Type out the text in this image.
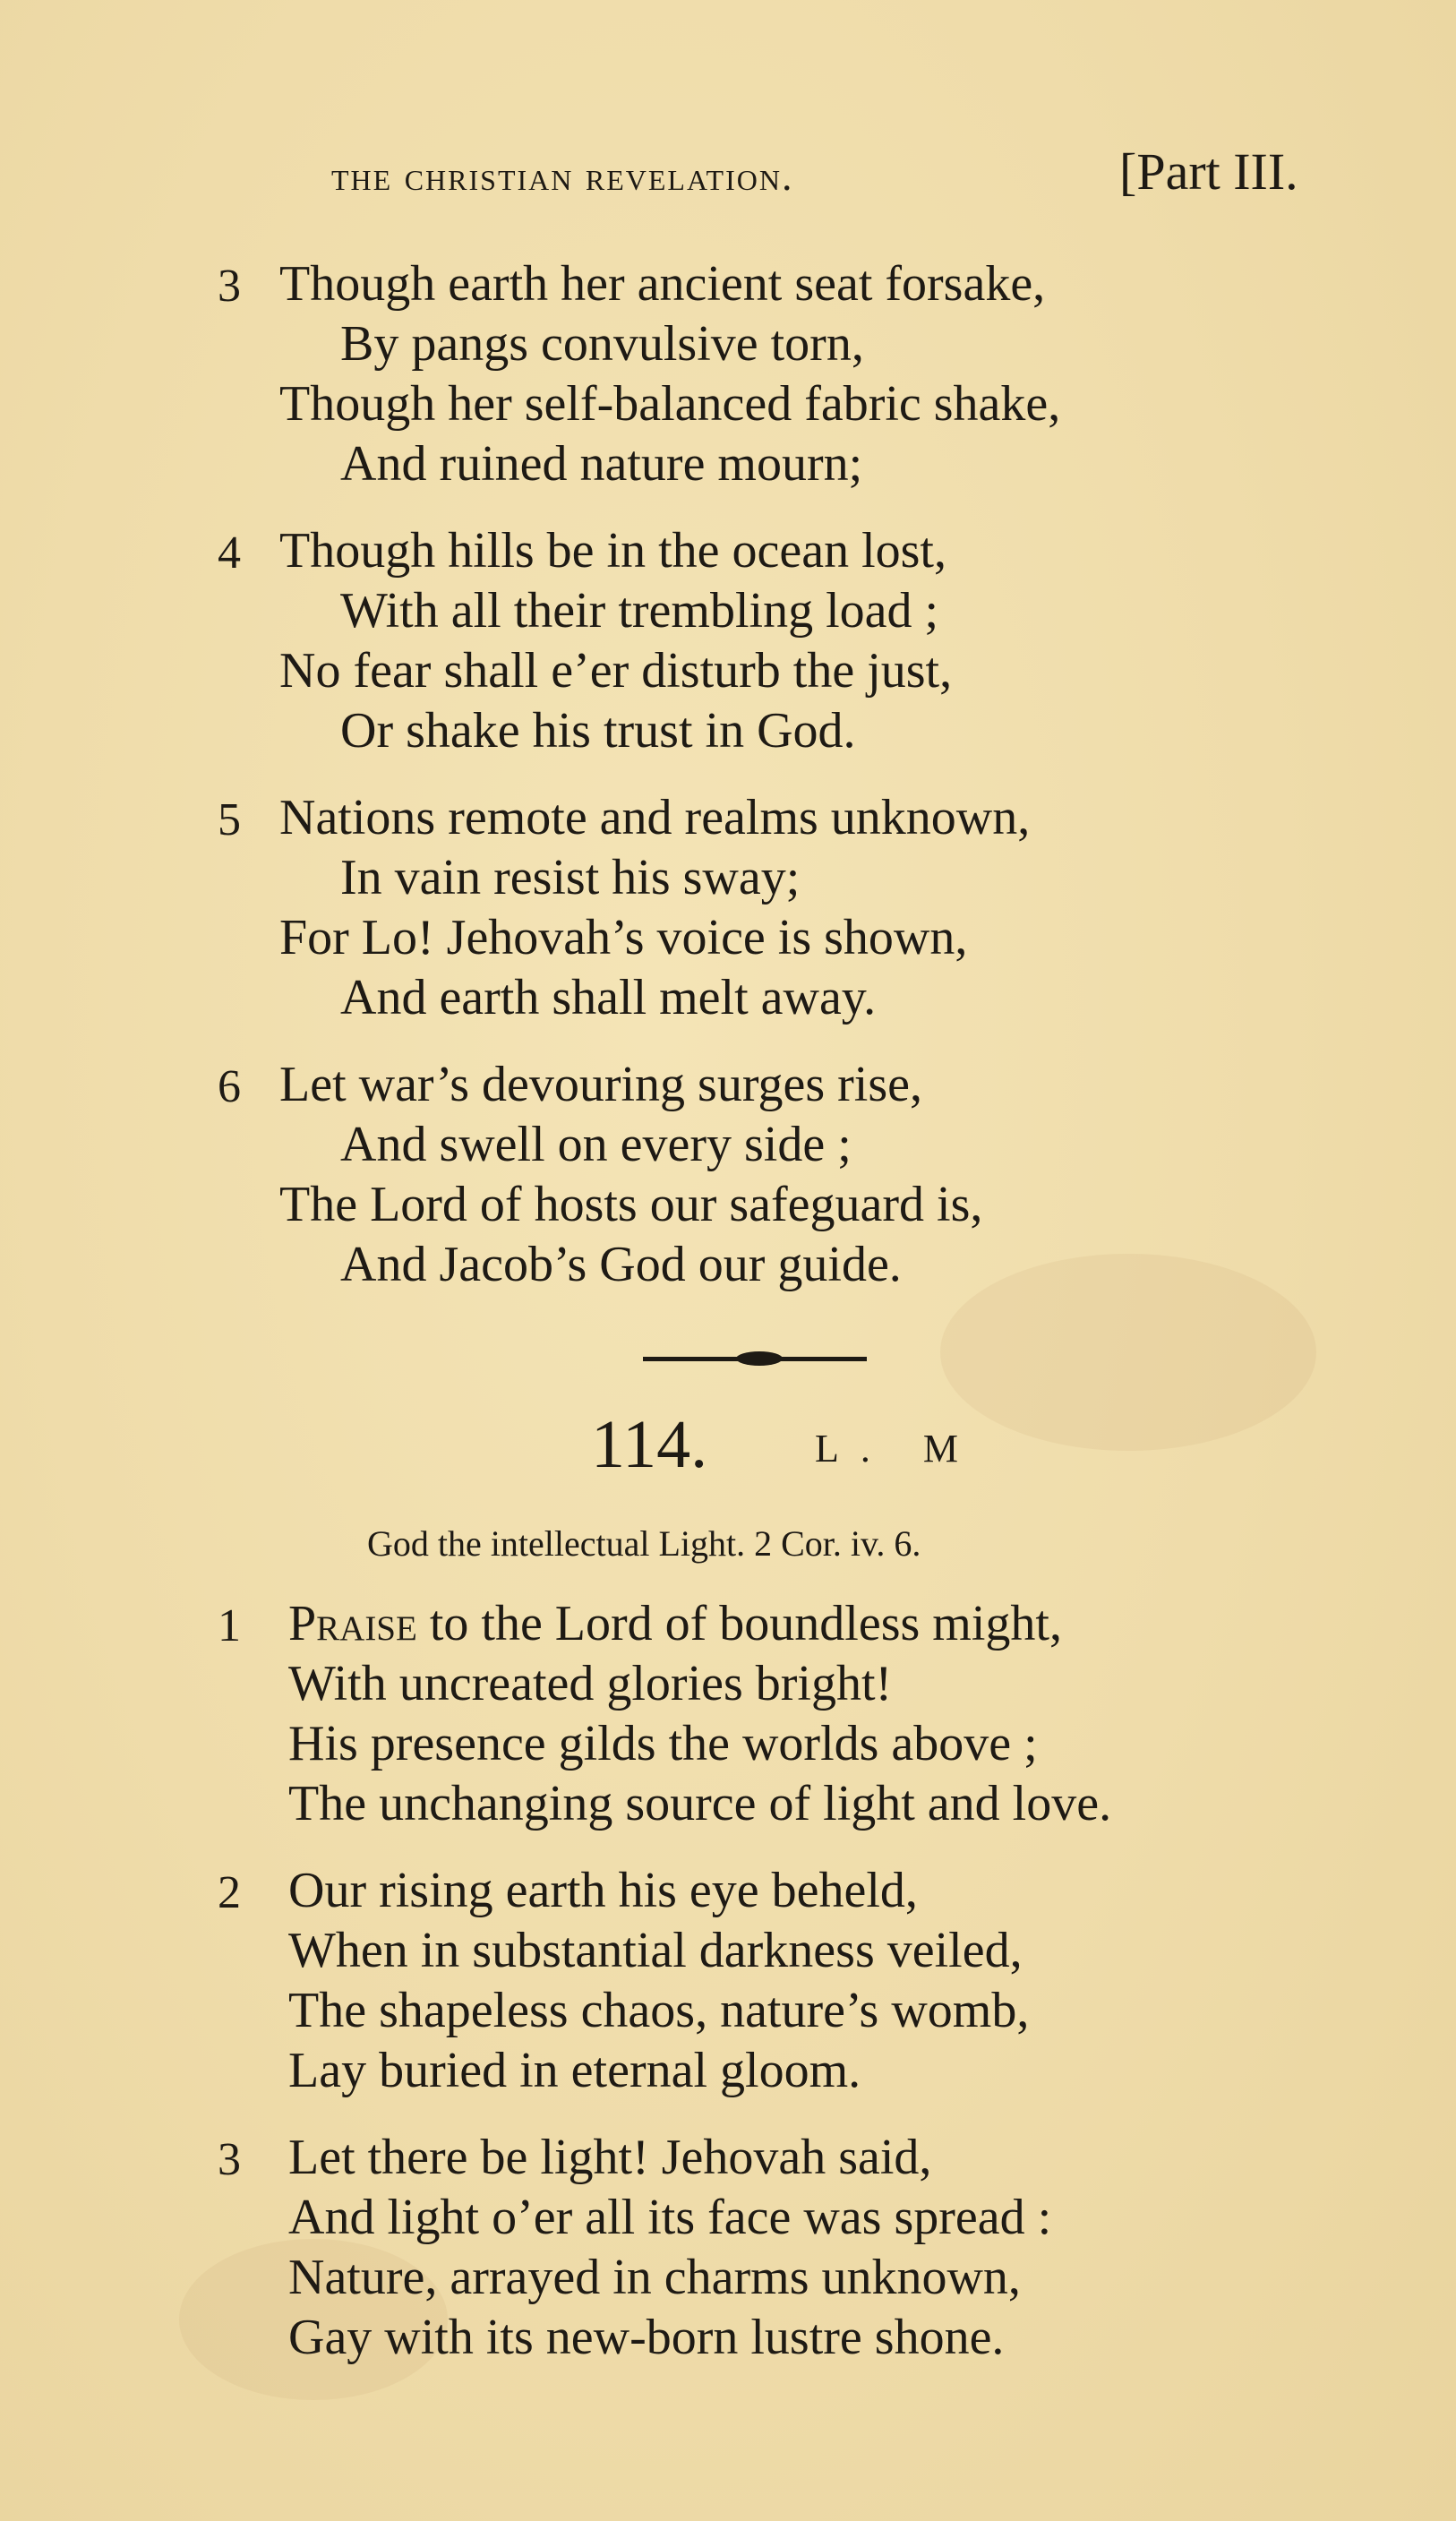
the christian revelation.	[Part III.
3 Though earth her ancient seat forsake,
By pangs convulsive torn,
Though her self-balanced fabric shake,
And ruined nature mourn;
4 Though hills be in the ocean lost,
With all their trembling load ;
No fear shall e’er disturb the just,
Or shake his trust in God.
5 Nations remote and realms unknown,
In vain resist his sway;
For Lo! Jehovah’s voice is shown,
And earth shall melt away.
6 Let war’s devouring surges rise,
And swell on every side ;
The Lord of hosts our safeguard is,
And Jacob’s God our guide.
114.	L. M
God the intellectual Light. 2 Cor. iv. 6.
1 Praise to the Lord of boundless might,
With uncreated glories bright!
His presence gilds the worlds above ;
The unchanging source of light and love.
2 Our rising earth his eye beheld,
When in substantial darkness veiled,
The shapeless chaos, nature’s womb,
Lay buried in eternal gloom.
3 Let there be light! Jehovah said,
And light o’er all its face was spread :
Nature, arrayed in charms unknown,
Gay with its new-born lustre shone.
